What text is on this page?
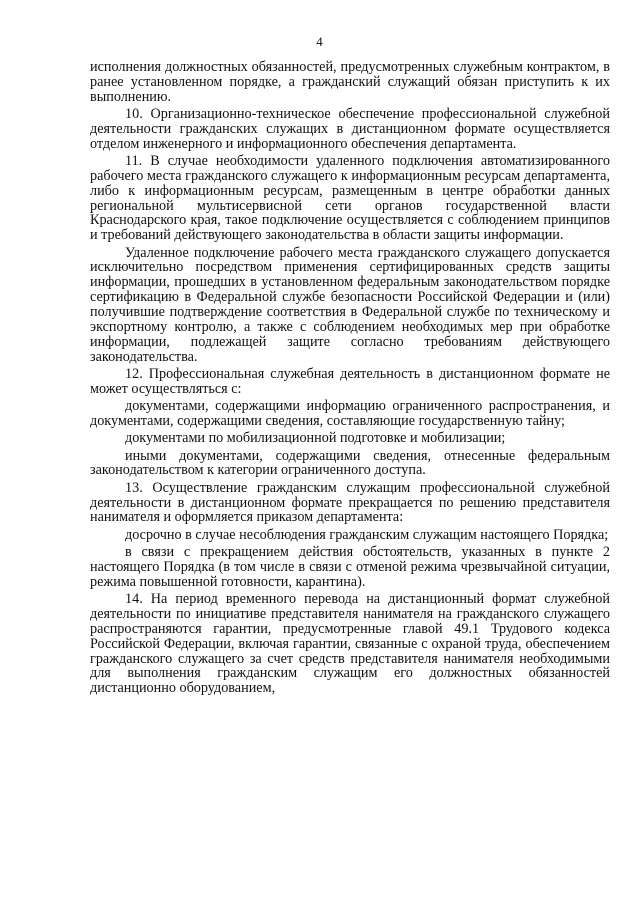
4

исполнения должностных обязанностей, предусмотренных служебным контрактом, в ранее установленном порядке, а гражданский служащий обязан приступить к их выполнению.

10. Организационно-техническое обеспечение профессиональной служебной деятельности гражданских служащих в дистанционном формате осуществляется отделом инженерного и информационного обеспечения департамента.

11. В случае необходимости удаленного подключения автоматизированного рабочего места гражданского служащего к информационным ресурсам департамента, либо к информационным ресурсам, размещенным в центре обработки данных региональной мультисервисной сети органов государственной власти Краснодарского края, такое подключение осуществляется с соблюдением принципов и требований действующего законодательства в области защиты информации.

Удаленное подключение рабочего места гражданского служащего допускается исключительно посредством применения сертифицированных средств защиты информации, прошедших в установленном федеральным законодательством порядке сертификацию в Федеральной службе безопасности Российской Федерации и (или) получившие подтверждение соответствия в Федеральной службе по техническому и экспортному контролю, а также с соблюдением необходимых мер при обработке информации, подлежащей защите согласно требованиям действующего законодательства.

12. Профессиональная служебная деятельность в дистанционном формате не может осуществляться с:

документами, содержащими информацию ограниченного распространения, и документами, содержащими сведения, составляющие государственную тайну;

документами по мобилизационной подготовке и мобилизации;

иными документами, содержащими сведения, отнесенные федеральным законодательством к категории ограниченного доступа.

13. Осуществление гражданским служащим профессиональной служебной деятельности в дистанционном формате прекращается по решению представителя нанимателя и оформляется приказом департамента:

досрочно в случае несоблюдения гражданским служащим настоящего Порядка;

в связи с прекращением действия обстоятельств, указанных в пункте 2 настоящего Порядка (в том числе в связи с отменой режима чрезвычайной ситуации, режима повышенной готовности, карантина).

14. На период временного перевода на дистанционный формат служебной деятельности по инициативе представителя нанимателя на гражданского служащего распространяются гарантии, предусмотренные главой 49.1 Трудового кодекса Российской Федерации, включая гарантии, связанные с охраной труда, обеспечением гражданского служащего за счет средств представителя нанимателя необходимыми для выполнения гражданским служащим его должностных обязанностей дистанционно оборудованием,
